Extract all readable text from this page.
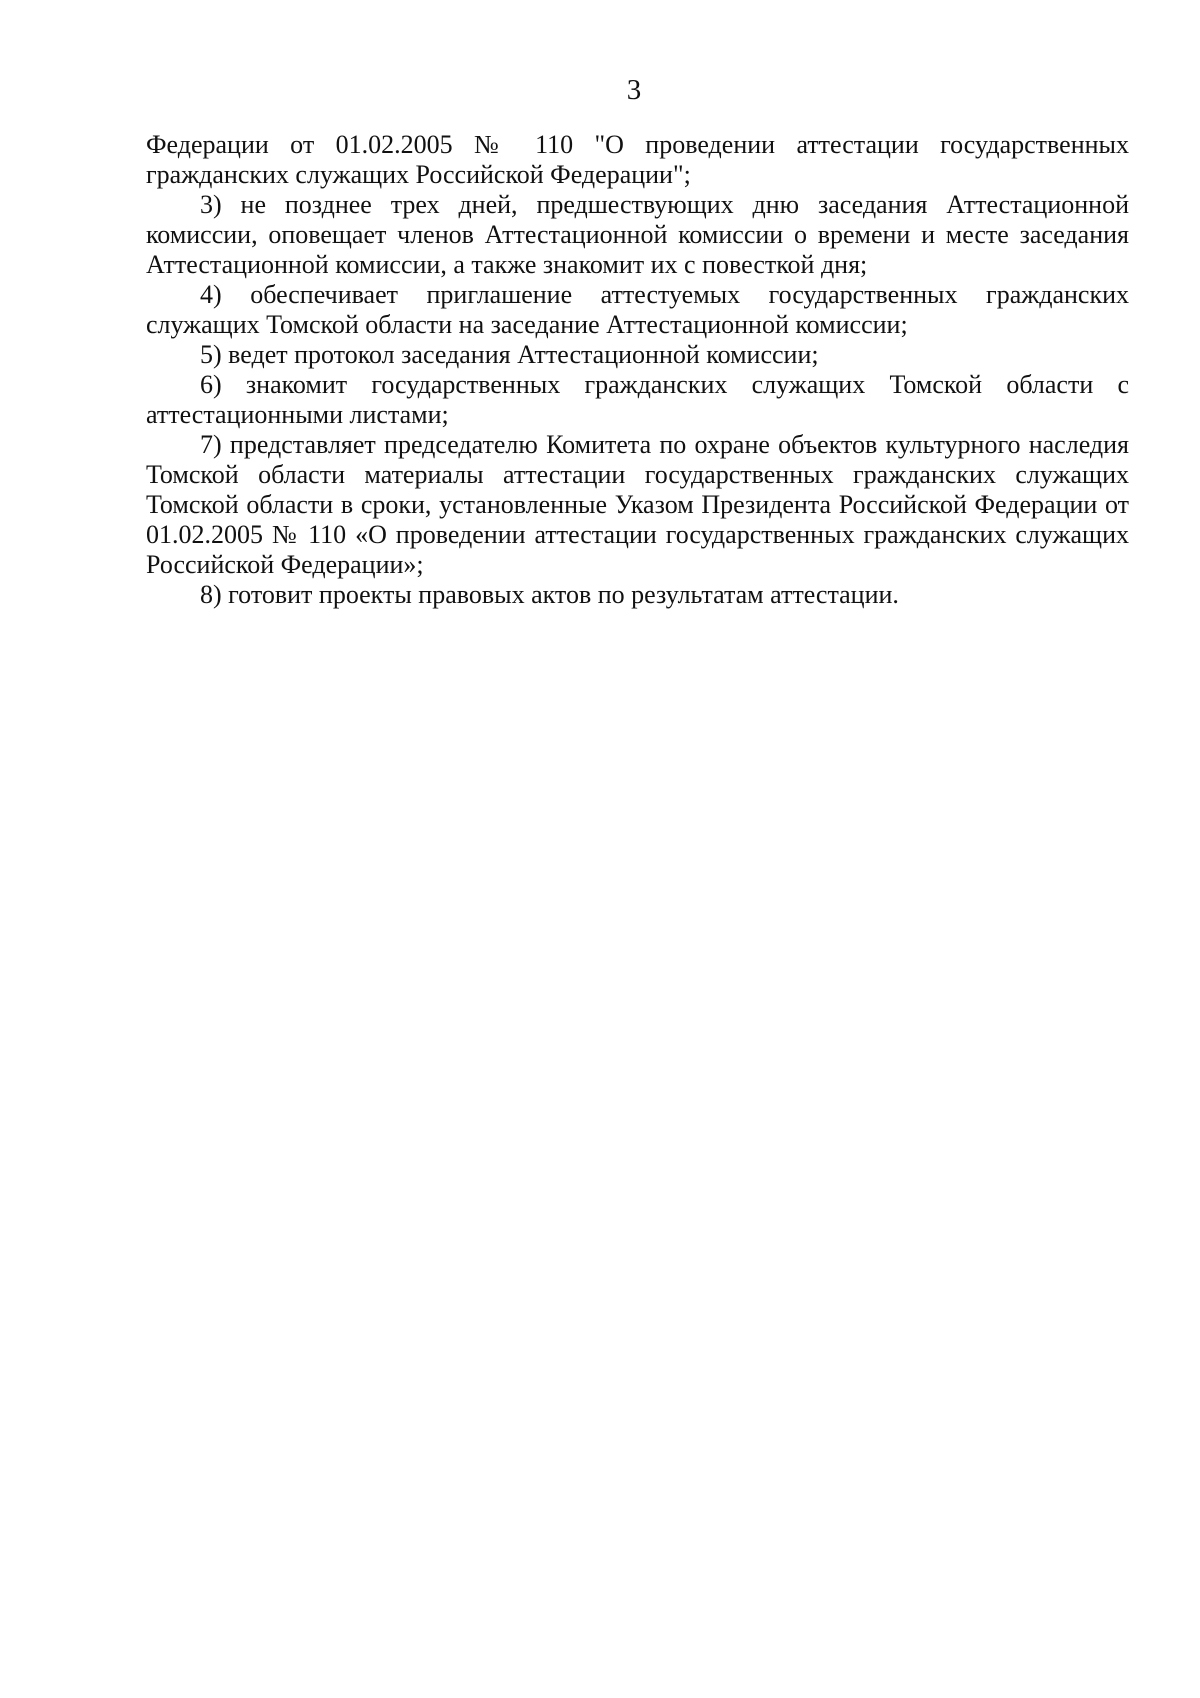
3

Федерации от 01.02.2005 № 110 "О проведении аттестации государственных гражданских служащих Российской Федерации";

3) не позднее трех дней, предшествующих дню заседания Аттестационной комиссии, оповещает членов Аттестационной комиссии о времени и месте заседания Аттестационной комиссии, а также знакомит их с повесткой дня;

4) обеспечивает приглашение аттестуемых государственных гражданских служащих Томской области на заседание Аттестационной комиссии;

5) ведет протокол заседания Аттестационной комиссии;

6) знакомит государственных гражданских служащих Томской области с аттестационными листами;

7) представляет председателю Комитета по охране объектов культурного наследия Томской области материалы аттестации государственных гражданских служащих Томской области в сроки, установленные Указом Президента Российской Федерации от 01.02.2005 № 110 «О проведении аттестации государственных гражданских служащих Российской Федерации»;

8) готовит проекты правовых актов по результатам аттестации.
